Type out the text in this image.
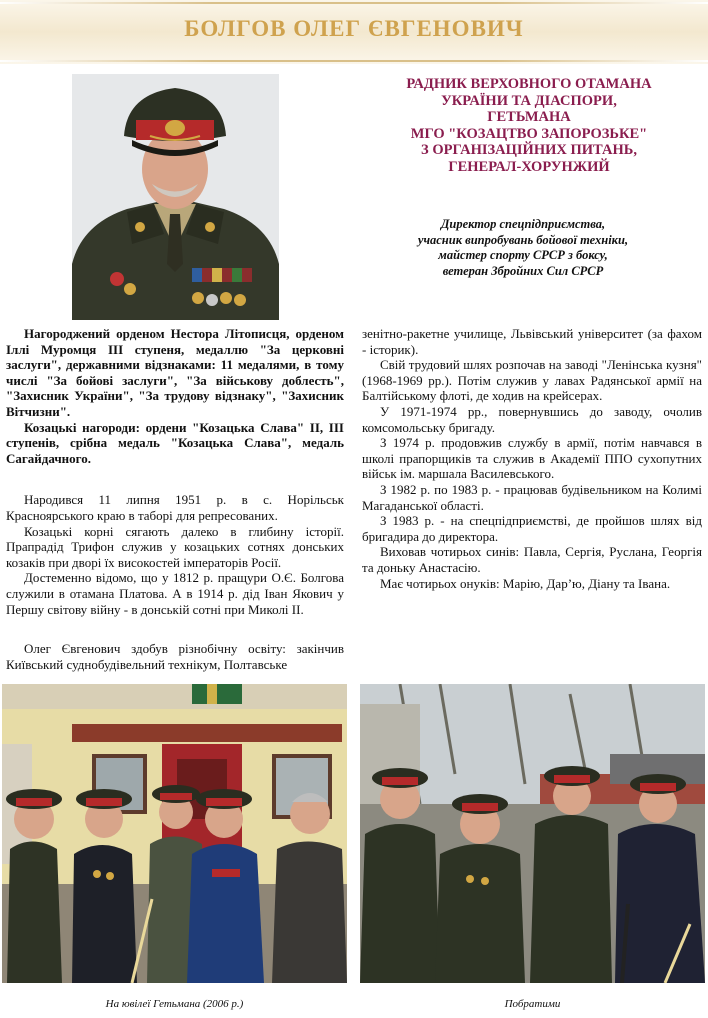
БОЛГОВ ОЛЕГ ЄВГЕНОВИЧ
РАДНИК ВЕРХОВНОГО ОТАМАНА
УКРАЇНИ ТА ДІАСПОРИ,
ГЕТЬМАНА
МГО "КОЗАЦТВО ЗАПОРОЗЬКЕ"
З ОРГАНІЗАЦІЙНИХ ПИТАНЬ,
ГЕНЕРАЛ-ХОРУНЖИЙ
Директор спецпідприємства,
учасник випробувань бойової техніки,
майстер спорту СРСР з боксу,
ветеран Збройних Сил СРСР

Нагороджений орденом Нестора Літописця, орденом Іллі Муромця III ступеня, медаллю "За церковні заслуги", державними відзнаками: 11 медалями, в тому числі "За бойові заслуги", "За військову доблесть", "Захисник України", "За трудову відзнаку", "Захисник Вітчизни".

Козацькі нагороди: ордени "Козацька Слава" II, III ступенів, срібна медаль "Козацька Слава", медаль Сагайдачного.

Народився 11 липня 1951 р. в с. Норільськ Красноярського краю в таборі для репресованих.

Козацькі корні сягають далеко в глибину історії. Прапрадід Трифон служив у козацьких сотнях донських козаків при дворі їх високостей імператорів Росії.

Достеменно відомо, що у 1812 р. пращури О.Є. Болгова служили в отамана Платова. А в 1914 р. дід Іван Якович у Першу світову війну - в донській сотні при Миколі II.

Олег Євгенович здобув різнобічну освіту: закінчив Київський суднобудівельний технікум, Полтавське

зенітно-ракетне училище, Львівський університет (за фахом - історик).

Свій трудовий шлях розпочав на заводі "Ленінська кузня" (1968-1969 рр.). Потім служив у лавах Радянської армії на Балтійському флоті, де ходив на крейсерах.

У 1971-1974 рр., повернувшись до заводу, очолив комсомольську бригаду.

З 1974 р. продовжив службу в армії, потім навчався в школі прапорщиків та служив в Академії ППО сухопутних військ ім. маршала Василевського.

З 1982 р. по 1983 р. - працював будівельником на Колимі Магаданської області.

З 1983 р. - на спецпідприємстві, де пройшов шлях від бригадира до директора.

Виховав чотирьох синів: Павла, Сергія, Руслана, Георгія та доньку Анастасію.

Має чотирьох онуків: Марію, Дар’ю, Діану та Івана.

На ювілеї Гетьмана (2006 р.)	Побратими
